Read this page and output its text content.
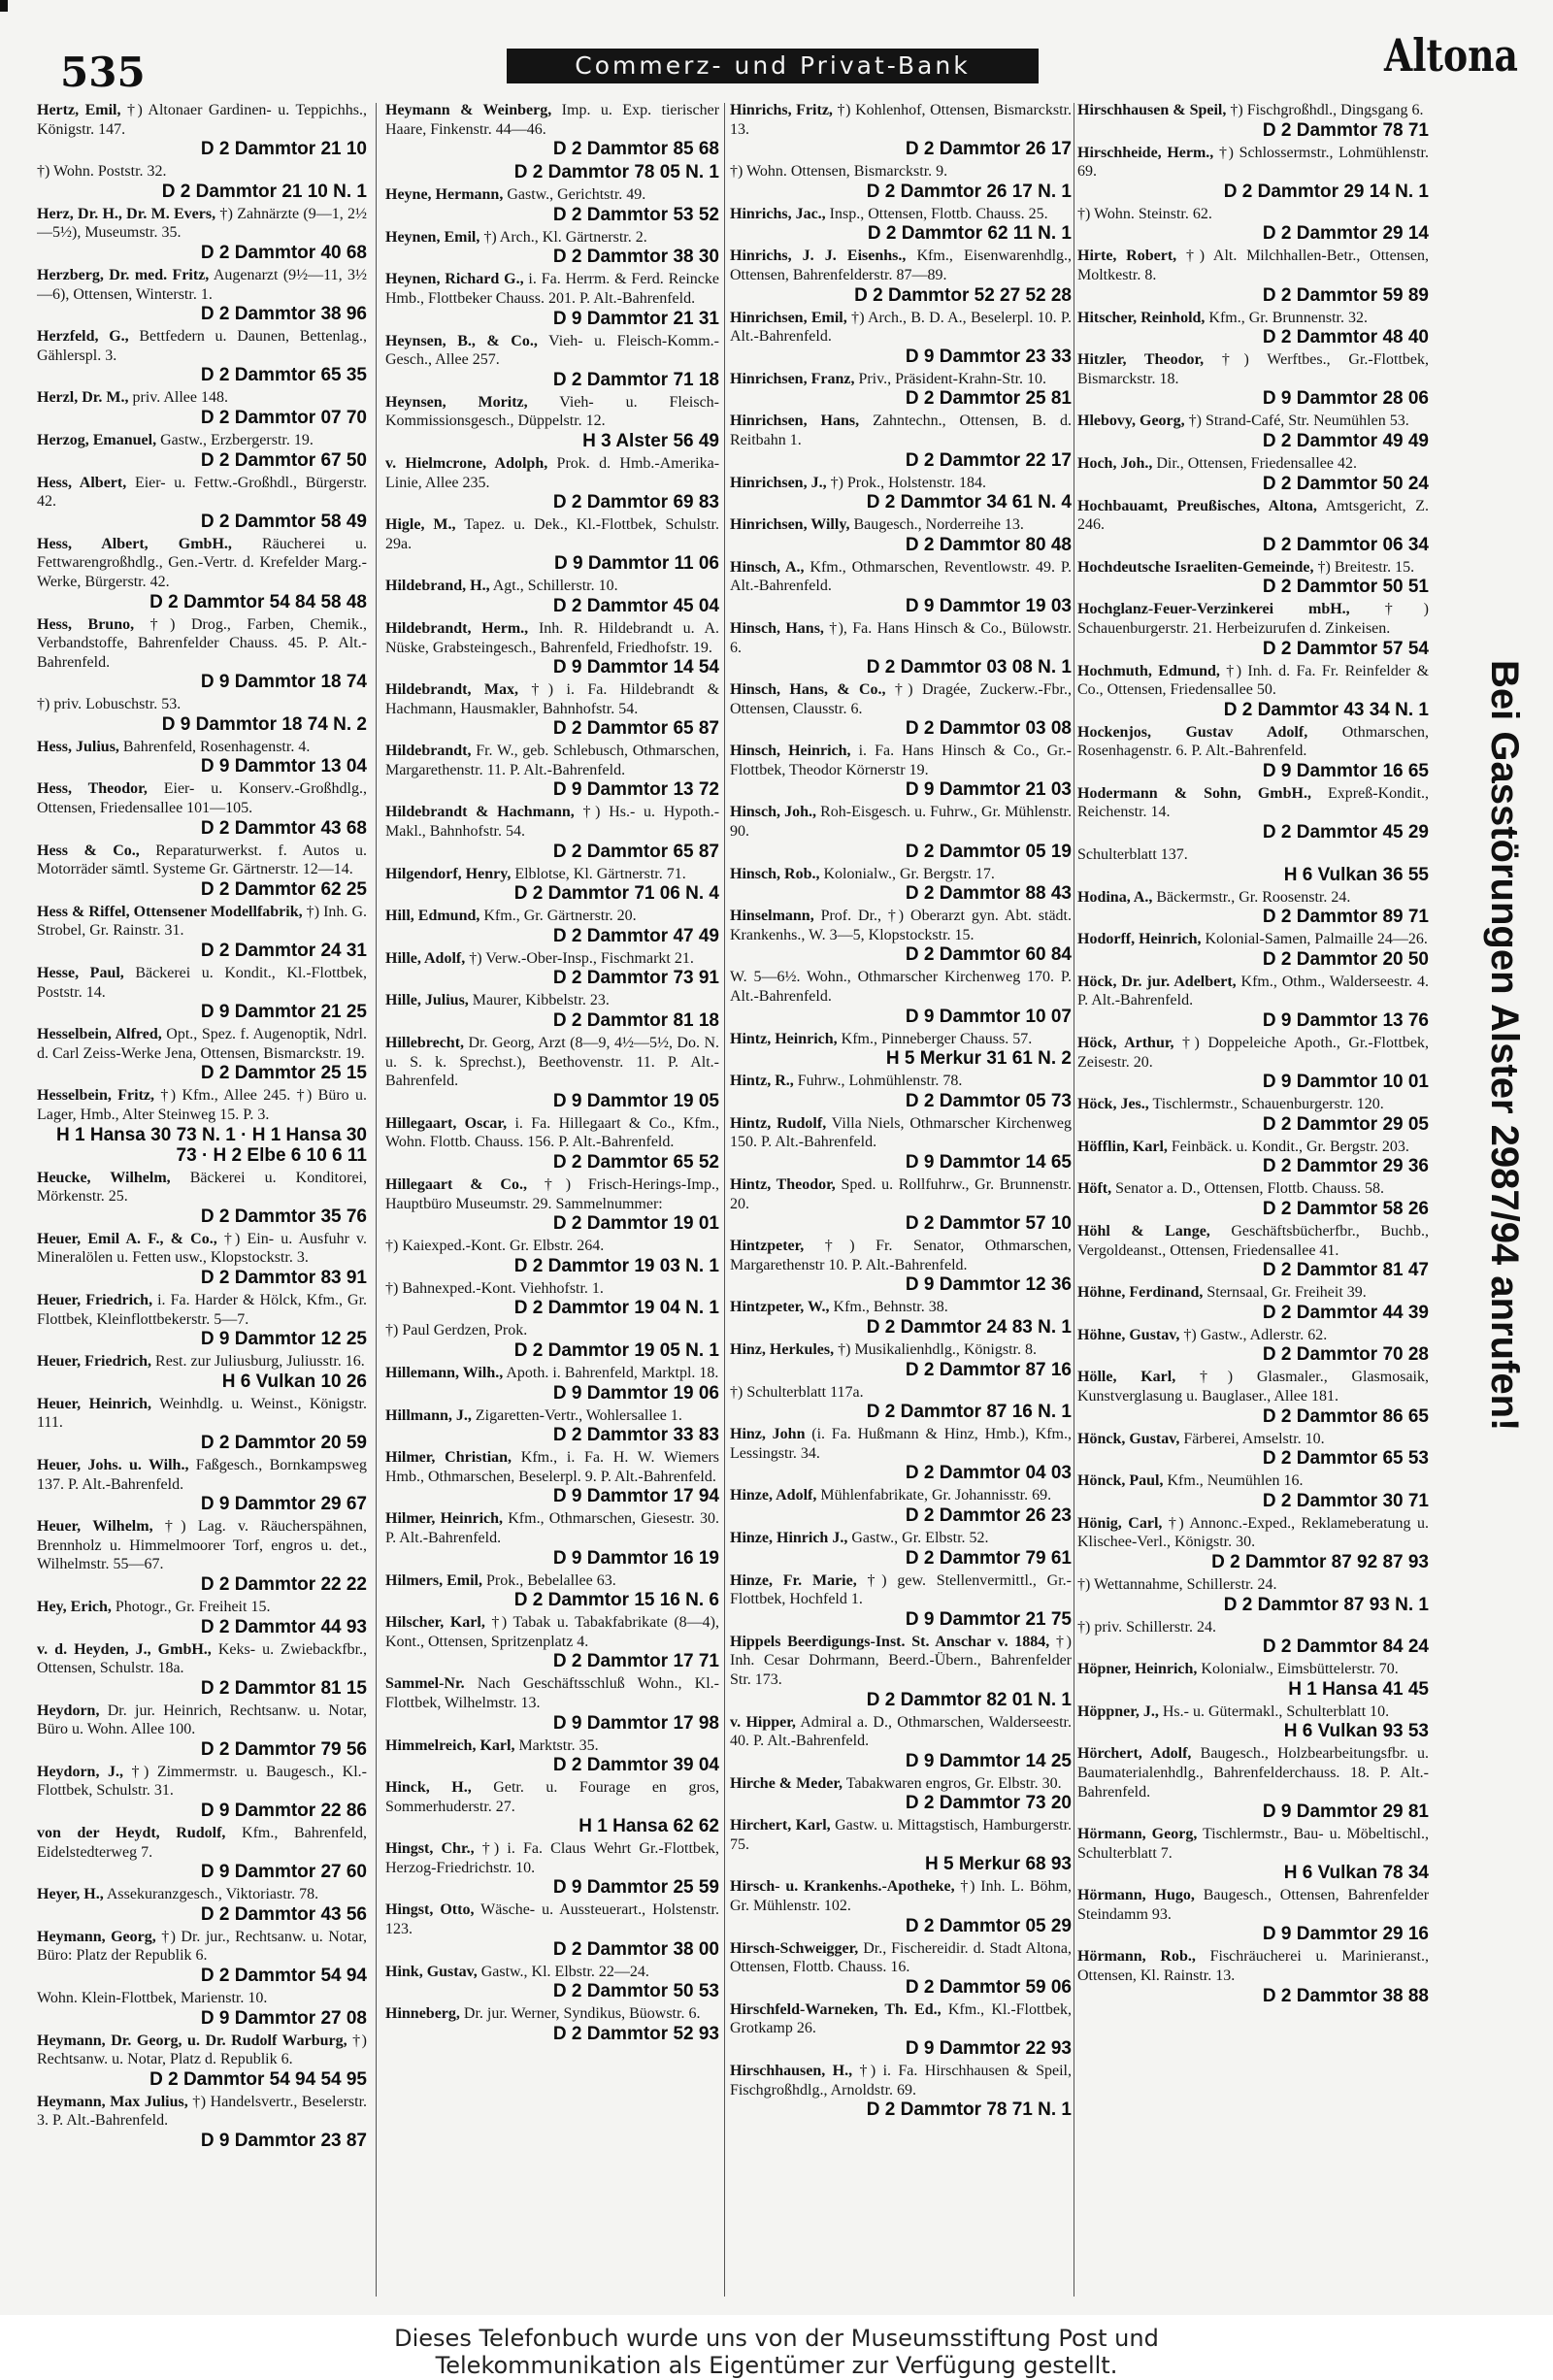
535	Commerz- und Privat-Bank	Altona
Hertz, Emil, †) Altonaer Gardinen- u. Teppichhs., Königstr. 147.
D 2 Dammtor 21 10
†) Wohn. Poststr. 32.
D 2 Dammtor 21 10 N. 1
Herz, Dr. H., Dr. M. Evers, †) Zahnärzte (9—1, 2½—5½), Museumstr. 35.
D 2 Dammtor 40 68
Herzberg, Dr. med. Fritz, Augenarzt (9½—11, 3½—6), Ottensen, Winterstr. 1.
D 2 Dammtor 38 96
Herzfeld, G., Bettfedern u. Daunen, Bettenlag., Gählerspl. 3.
D 2 Dammtor 65 35
Herzl, Dr. M., priv. Allee 148.
D 2 Dammtor 07 70
Herzog, Emanuel, Gastw., Erzbergerstr. 19.
D 2 Dammtor 67 50
Hess, Albert, Eier- u. Fettw.-Großhdl., Bürgerstr. 42.
D 2 Dammtor 58 49
Hess, Albert, GmbH., Räucherei u. Fettwarengroßhdlg., Gen.-Vertr. d. Krefelder Marg.-Werke, Bürgerstr. 42.
D 2 Dammtor 54 84 58 48
Hess, Bruno, †) Drog., Farben, Chemik., Verbandstoffe, Bahrenfelder Chauss. 45. P. Alt.-Bahrenfeld.
D 9 Dammtor 18 74
†) priv. Lobuschstr. 53.
D 9 Dammtor 18 74 N. 2
Hess, Julius, Bahrenfeld, Rosenhagenstr. 4.
D 9 Dammtor 13 04
Hess, Theodor, Eier- u. Konserv.-Großhdlg., Ottensen, Friedensallee 101—105.
D 2 Dammtor 43 68
Hess & Co., Reparaturwerkst. f. Autos u. Motorräder sämtl. Systeme Gr. Gärtnerstr. 12—14.
D 2 Dammtor 62 25
Hess & Riffel, Ottensener Modellfabrik, †) Inh. G. Strobel, Gr. Rainstr. 31.
D 2 Dammtor 24 31
Hesse, Paul, Bäckerei u. Kondit., Kl.-Flottbek, Poststr. 14.
D 9 Dammtor 21 25
Hesselbein, Alfred, Opt., Spez. f. Augenoptik, Ndrl. d. Carl Zeiss-Werke Jena, Ottensen, Bismarckstr. 19.
D 2 Dammtor 25 15
Hesselbein, Fritz, †) Kfm., Allee 245. †) Büro u. Lager, Hmb., Alter Steinweg 15. P. 3.
H 1 Hansa 30 73 N. 1 · H 1 Hansa 30 73 · H 2 Elbe 6 10 6 11
Heucke, Wilhelm, Bäckerei u. Konditorei, Mörkenstr. 25.
D 2 Dammtor 35 76
Heuer, Emil A. F., & Co., †) Ein- u. Ausfuhr v. Mineralölen u. Fetten usw., Klopstockstr. 3.
D 2 Dammtor 83 91
Heuer, Friedrich, i. Fa. Harder & Hölck, Kfm., Gr. Flottbek, Kleinflottbekerstr. 5—7.
D 9 Dammtor 12 25
Heuer, Friedrich, Rest. zur Juliusburg, Juliusstr. 16.
H 6 Vulkan 10 26
Heuer, Heinrich, Weinhdlg. u. Weinst., Königstr. 111.
D 2 Dammtor 20 59
Heuer, Johs. u. Wilh., Faßgesch., Bornkampsweg 137. P. Alt.-Bahrenfeld.
D 9 Dammtor 29 67
Heuer, Wilhelm, †) Lag. v. Räucherspähnen, Brennholz u. Himmelmoorer Torf, engros u. det., Wilhelmstr. 55—67.
D 2 Dammtor 22 22
Hey, Erich, Photogr., Gr. Freiheit 15.
D 2 Dammtor 44 93
v. d. Heyden, J., GmbH., Keks- u. Zwiebackfbr., Ottensen, Schulstr. 18a.
D 2 Dammtor 81 15
Heydorn, Dr. jur. Heinrich, Rechtsanw. u. Notar, Büro u. Wohn. Allee 100.
D 2 Dammtor 79 56
Heydorn, J., †) Zimmermstr. u. Baugesch., Kl.-Flottbek, Schulstr. 31.
D 9 Dammtor 22 86
von der Heydt, Rudolf, Kfm., Bahrenfeld, Eidelstedterweg 7.
D 9 Dammtor 27 60
Heyer, H., Assekuranzgesch., Viktoriastr. 78.
D 2 Dammtor 43 56
Heymann, Georg, †) Dr. jur., Rechtsanw. u. Notar, Büro: Platz der Republik 6.
D 2 Dammtor 54 94
Wohn. Klein-Flottbek, Marienstr. 10.
D 9 Dammtor 27 08
Heymann, Dr. Georg, u. Dr. Rudolf Warburg, †) Rechtsanw. u. Notar, Platz d. Republik 6.
D 2 Dammtor 54 94 54 95
Heymann, Max Julius, †) Handelsvertr., Beselerstr. 3. P. Alt.-Bahrenfeld.
D 9 Dammtor 23 87
Heymann & Weinberg, Imp. u. Exp. tierischer Haare, Finkenstr. 44—46.
D 2 Dammtor 85 68
D 2 Dammtor 78 05 N. 1
Heyne, Hermann, Gastw., Gerichtstr. 49.
D 2 Dammtor 53 52
Heynen, Emil, †) Arch., Kl. Gärtnerstr. 2.
D 2 Dammtor 38 30
Heynen, Richard G., i. Fa. Herrm. & Ferd. Reincke Hmb., Flottbeker Chauss. 201. P. Alt.-Bahrenfeld.
D 9 Dammtor 21 31
Heynsen, B., & Co., Vieh- u. Fleisch-Komm.-Gesch., Allee 257.
D 2 Dammtor 71 18
Heynsen, Moritz, Vieh- u. Fleisch-Kommissionsgesch., Düppelstr. 12.
H 3 Alster 56 49
v. Hielmcrone, Adolph, Prok. d. Hmb.-Amerika-Linie, Allee 235.
D 2 Dammtor 69 83
Higle, M., Tapez. u. Dek., Kl.-Flottbek, Schulstr. 29a.
D 9 Dammtor 11 06
Hildebrand, H., Agt., Schillerstr. 10.
D 2 Dammtor 45 04
Hildebrandt, Herm., Inh. R. Hildebrandt u. A. Nüske, Grabsteingesch., Bahrenfeld, Friedhofstr. 19.
D 9 Dammtor 14 54
Hildebrandt, Max, †) i. Fa. Hildebrandt & Hachmann, Hausmakler, Bahnhofstr. 54.
D 2 Dammtor 65 87
Hildebrandt, Fr. W., geb. Schlebusch, Othmarschen, Margarethenstr. 11. P. Alt.-Bahrenfeld.
D 9 Dammtor 13 72
Hildebrandt & Hachmann, †) Hs.- u. Hypoth.-Makl., Bahnhofstr. 54.
D 2 Dammtor 65 87
Hilgendorf, Henry, Elblotse, Kl. Gärtnerstr. 71.
D 2 Dammtor 71 06 N. 4
Hill, Edmund, Kfm., Gr. Gärtnerstr. 20.
D 2 Dammtor 47 49
Hille, Adolf, †) Verw.-Ober-Insp., Fischmarkt 21.
D 2 Dammtor 73 91
Hille, Julius, Maurer, Kibbelstr. 23.
D 2 Dammtor 81 18
Hillebrecht, Dr. Georg, Arzt (8—9, 4½—5½, Do. N. u. S. k. Sprechst.), Beethovenstr. 11. P. Alt.-Bahrenfeld.
D 9 Dammtor 19 05
Hillegaart, Oscar, i. Fa. Hillegaart & Co., Kfm., Wohn. Flottb. Chauss. 156. P. Alt.-Bahrenfeld.
D 2 Dammtor 65 52
Hillegaart & Co., †) Frisch-Herings-Imp., Hauptbüro Museumstr. 29. Sammelnummer:
D 2 Dammtor 19 01
†) Kaiexped.-Kont. Gr. Elbstr. 264.
D 2 Dammtor 19 03 N. 1
†) Bahnexped.-Kont. Viehhofstr. 1.
D 2 Dammtor 19 04 N. 1
†) Paul Gerdzen, Prok.
D 2 Dammtor 19 05 N. 1
Hillemann, Wilh., Apoth. i. Bahrenfeld, Marktpl. 18.
D 9 Dammtor 19 06
Hillmann, J., Zigaretten-Vertr., Wohlersallee 1.
D 2 Dammtor 33 83
Hilmer, Christian, Kfm., i. Fa. H. W. Wiemers Hmb., Othmarschen, Beselerpl. 9. P. Alt.-Bahrenfeld.
D 9 Dammtor 17 94
Hilmer, Heinrich, Kfm., Othmarschen, Giesestr. 30. P. Alt.-Bahrenfeld.
D 9 Dammtor 16 19
Hilmers, Emil, Prok., Bebelallee 63.
D 2 Dammtor 15 16 N. 6
Hilscher, Karl, †) Tabak u. Tabakfabrikate (8—4), Kont., Ottensen, Spritzenplatz 4.
D 2 Dammtor 17 71
Sammel-Nr. Nach Geschäftsschluß Wohn., Kl.-Flottbek, Wilhelmstr. 13.
D 9 Dammtor 17 98
Himmelreich, Karl, Marktstr. 35.
D 2 Dammtor 39 04
Hinck, H., Getr. u. Fourage en gros, Sommerhuderstr. 27.
H 1 Hansa 62 62
Hingst, Chr., †) i. Fa. Claus Wehrt Gr.-Flottbek, Herzog-Friedrichstr. 10.
D 9 Dammtor 25 59
Hingst, Otto, Wäsche- u. Aussteuerart., Holstenstr. 123.
D 2 Dammtor 38 00
Hink, Gustav, Gastw., Kl. Elbstr. 22—24.
D 2 Dammtor 50 53
Hinneberg, Dr. jur. Werner, Syndikus, Büowstr. 6.
D 2 Dammtor 52 93
Hinrichs, Fritz, †) Kohlenhof, Ottensen, Bismarckstr. 13.
D 2 Dammtor 26 17
†) Wohn. Ottensen, Bismarckstr. 9.
D 2 Dammtor 26 17 N. 1
Hinrichs, Jac., Insp., Ottensen, Flottb. Chauss. 25.
D 2 Dammtor 62 11 N. 1
Hinrichs, J. J. Eisenhs., Kfm., Eisenwarenhdlg., Ottensen, Bahrenfelderstr. 87—89.
D 2 Dammtor 52 27 52 28
Hinrichsen, Emil, †) Arch., B. D. A., Beselerpl. 10. P. Alt.-Bahrenfeld.
D 9 Dammtor 23 33
Hinrichsen, Franz, Priv., Präsident-Krahn-Str. 10.
D 2 Dammtor 25 81
Hinrichsen, Hans, Zahntechn., Ottensen, B. d. Reitbahn 1.
D 2 Dammtor 22 17
Hinrichsen, J., †) Prok., Holstenstr. 184.
D 2 Dammtor 34 61 N. 4
Hinrichsen, Willy, Baugesch., Norderreihe 13.
D 2 Dammtor 80 48
Hinsch, A., Kfm., Othmarschen, Reventlowstr. 49. P. Alt.-Bahrenfeld.
D 9 Dammtor 19 03
Hinsch, Hans, †), Fa. Hans Hinsch & Co., Bülowstr. 6.
D 2 Dammtor 03 08 N. 1
Hinsch, Hans, & Co., †) Dragée, Zuckerw.-Fbr., Ottensen, Clausstr. 6.
D 2 Dammtor 03 08
Hinsch, Heinrich, i. Fa. Hans Hinsch & Co., Gr.-Flottbek, Theodor Körnerstr 19.
D 9 Dammtor 21 03
Hinsch, Joh., Roh-Eisgesch. u. Fuhrw., Gr. Mühlenstr. 90.
D 2 Dammtor 05 19
Hinsch, Rob., Kolonialw., Gr. Bergstr. 17.
D 2 Dammtor 88 43
Hinselmann, Prof. Dr., †) Oberarzt gyn. Abt. städt. Krankenhs., W. 3—5, Klopstockstr. 15.
D 2 Dammtor 60 84
W. 5—6½. Wohn., Othmarscher Kirchenweg 170. P. Alt.-Bahrenfeld.
D 9 Dammtor 10 07
Hintz, Heinrich, Kfm., Pinneberger Chauss. 57.
H 5 Merkur 31 61 N. 2
Hintz, R., Fuhrw., Lohmühlenstr. 78.
D 2 Dammtor 05 73
Hintz, Rudolf, Villa Niels, Othmarscher Kirchenweg 150. P. Alt.-Bahrenfeld.
D 9 Dammtor 14 65
Hintz, Theodor, Sped. u. Rollfuhrw., Gr. Brunnenstr. 20.
D 2 Dammtor 57 10
Hintzpeter, †) Fr. Senator, Othmarschen, Margarethenstr 10. P. Alt.-Bahrenfeld.
D 9 Dammtor 12 36
Hintzpeter, W., Kfm., Behnstr. 38.
D 2 Dammtor 24 83 N. 1
Hinz, Herkules, †) Musikalienhdlg., Königstr. 8.
D 2 Dammtor 87 16
†) Schulterblatt 117a.
D 2 Dammtor 87 16 N. 1
Hinz, John (i. Fa. Hußmann & Hinz, Hmb.), Kfm., Lessingstr. 34.
D 2 Dammtor 04 03
Hinze, Adolf, Mühlenfabrikate, Gr. Johannisstr. 69.
D 2 Dammtor 26 23
Hinze, Hinrich J., Gastw., Gr. Elbstr. 52.
D 2 Dammtor 79 61
Hinze, Fr. Marie, †) gew. Stellenvermittl., Gr.-Flottbek, Hochfeld 1.
D 9 Dammtor 21 75
Hippels Beerdigungs-Inst. St. Anschar v. 1884, †) Inh. Cesar Dohrmann, Beerd.-Übern., Bahrenfelder Str. 173.
D 2 Dammtor 82 01 N. 1
v. Hipper, Admiral a. D., Othmarschen, Walderseestr. 40. P. Alt.-Bahrenfeld.
D 9 Dammtor 14 25
Hirche & Meder, Tabakwaren engros, Gr. Elbstr. 30.
D 2 Dammtor 73 20
Hirchert, Karl, Gastw. u. Mittagstisch, Hamburgerstr. 75.
H 5 Merkur 68 93
Hirsch- u. Krankenhs.-Apotheke, †) Inh. L. Böhm, Gr. Mühlenstr. 102.
D 2 Dammtor 05 29
Hirsch-Schweigger, Dr., Fischereidir. d. Stadt Altona, Ottensen, Flottb. Chauss. 16.
D 2 Dammtor 59 06
Hirschfeld-Warneken, Th. Ed., Kfm., Kl.-Flottbek, Grotkamp 26.
D 9 Dammtor 22 93
Hirschhausen, H., †) i. Fa. Hirschhausen & Speil, Fischgroßhdlg., Arnoldstr. 69.
D 2 Dammtor 78 71 N. 1
Hirschhausen & Speil, †) Fischgroßhdl., Dingsgang 6.
D 2 Dammtor 78 71
Hirschheide, Herm., †) Schlossermstr., Lohmühlenstr. 69.
D 2 Dammtor 29 14 N. 1
†) Wohn. Steinstr. 62.
D 2 Dammtor 29 14
Hirte, Robert, †) Alt. Milchhallen-Betr., Ottensen, Moltkestr. 8.
D 2 Dammtor 59 89
Hitscher, Reinhold, Kfm., Gr. Brunnenstr. 32.
D 2 Dammtor 48 40
Hitzler, Theodor, †) Werftbes., Gr.-Flottbek, Bismarckstr. 18.
D 9 Dammtor 28 06
Hlebovy, Georg, †) Strand-Café, Str. Neumühlen 53.
D 2 Dammtor 49 49
Hoch, Joh., Dir., Ottensen, Friedensallee 42.
D 2 Dammtor 50 24
Hochbauamt, Preußisches, Altona, Amtsgericht, Z. 246.
D 2 Dammtor 06 34
Hochdeutsche Israeliten-Gemeinde, †) Breitestr. 15.
D 2 Dammtor 50 51
Hochglanz-Feuer-Verzinkerei mbH., †) Schauenburgerstr. 21. Herbeizurufen d. Zinkeisen.
D 2 Dammtor 57 54
Hochmuth, Edmund, †) Inh. d. Fa. Fr. Reinfelder & Co., Ottensen, Friedensallee 50.
D 2 Dammtor 43 34 N. 1
Hockenjos, Gustav Adolf, Othmarschen, Rosenhagenstr. 6. P. Alt.-Bahrenfeld.
D 9 Dammtor 16 65
Hodermann & Sohn, GmbH., Expreß-Kondit., Reichenstr. 14.
D 2 Dammtor 45 29
Schulterblatt 137.
H 6 Vulkan 36 55
Hodina, A., Bäckermstr., Gr. Roosenstr. 24.
D 2 Dammtor 89 71
Hodorff, Heinrich, Kolonial-Samen, Palmaille 24—26.
D 2 Dammtor 20 50
Höck, Dr. jur. Adelbert, Kfm., Othm., Walderseestr. 4. P. Alt.-Bahrenfeld.
D 9 Dammtor 13 76
Höck, Arthur, †) Doppeleiche Apoth., Gr.-Flottbek, Zeisestr. 20.
D 9 Dammtor 10 01
Höck, Jes., Tischlermstr., Schauenburgerstr. 120.
D 2 Dammtor 29 05
Höfflin, Karl, Feinbäck. u. Kondit., Gr. Bergstr. 203.
D 2 Dammtor 29 36
Höft, Senator a. D., Ottensen, Flottb. Chauss. 58.
D 2 Dammtor 58 26
Höhl & Lange, Geschäftsbücherfbr., Buchb., Vergoldeanst., Ottensen, Friedensallee 41.
D 2 Dammtor 81 47
Höhne, Ferdinand, Sternsaal, Gr. Freiheit 39.
D 2 Dammtor 44 39
Höhne, Gustav, †) Gastw., Adlerstr. 62.
D 2 Dammtor 70 28
Hölle, Karl, †) Glasmaler., Glasmosaik, Kunstverglasung u. Bauglaser., Allee 181.
D 2 Dammtor 86 65
Hönck, Gustav, Färberei, Amselstr. 10.
D 2 Dammtor 65 53
Hönck, Paul, Kfm., Neumühlen 16.
D 2 Dammtor 30 71
Hönig, Carl, †) Annonc.-Exped., Reklameberatung u. Klischee-Verl., Königstr. 30.
D 2 Dammtor 87 92 87 93
†) Wettannahme, Schillerstr. 24.
D 2 Dammtor 87 93 N. 1
†) priv. Schillerstr. 24.
D 2 Dammtor 84 24
Höpner, Heinrich, Kolonialw., Eimsbüttelerstr. 70.
H 1 Hansa 41 45
Höppner, J., Hs.- u. Gütermakl., Schulterblatt 10.
H 6 Vulkan 93 53
Hörchert, Adolf, Baugesch., Holzbearbeitungsfbr. u. Baumaterialenhdlg., Bahrenfelderchauss. 18. P. Alt.-Bahrenfeld.
D 9 Dammtor 29 81
Hörmann, Georg, Tischlermstr., Bau- u. Möbeltischl., Schulterblatt 7.
H 6 Vulkan 78 34
Hörmann, Hugo, Baugesch., Ottensen, Bahrenfelder Steindamm 93.
D 9 Dammtor 29 16
Hörmann, Rob., Fischräucherei u. Marinieranst., Ottensen, Kl. Rainstr. 13.
D 2 Dammtor 38 88
Bei Gasstörungen Alster 2987/94 anrufen!
Dieses Telefonbuch wurde uns von der Museumsstiftung Post und
Telekommunikation als Eigentümer zur Verfügung gestellt.
